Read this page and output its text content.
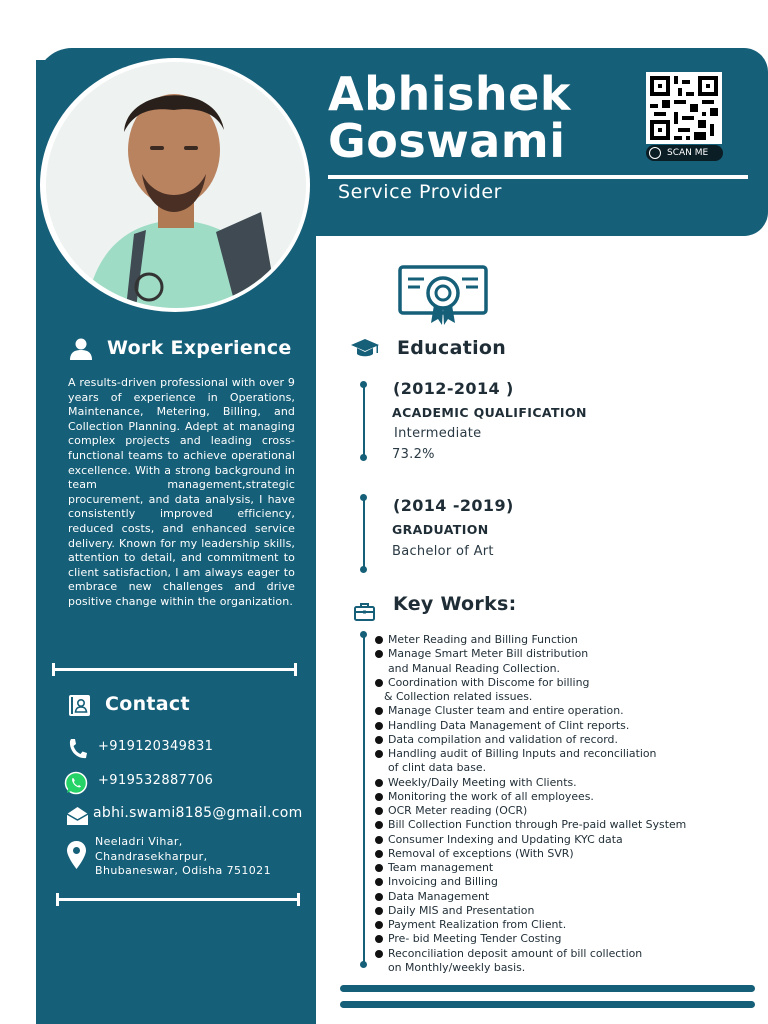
Abhishek
Goswami
Service Provider
SCAN ME
Work Experience
A results-driven professional with over 9 years of experience in Operations, Maintenance, Metering, Billing, and Collection Planning. Adept at managing complex projects and leading cross-functional teams to achieve operational excellence. With a strong background in team management,strategic procurement, and data analysis, I have consistently improved efficiency, reduced costs, and enhanced service delivery. Known for my leadership skills, attention to detail, and commitment to client satisfaction, I am always eager to embrace new challenges and drive positive change within the organization.
Contact
+919120349831
+919532887706
abhi.swami8185@gmail.com
Neeladri Vihar,
Chandrasekharpur,
Bhubaneswar, Odisha 751021
Education
(2012-2014 )
ACADEMIC QUALIFICATION
Intermediate
73.2%
(2014 -2019)
GRADUATION
Bachelor of Art
Key Works:
Meter Reading and Billing Function
Manage Smart Meter Bill distribution
and Manual Reading Collection.
Coordination with Discome for billing
& Collection related issues.
Manage Cluster team and entire operation.
Handling Data Management of Clint reports.
Data compilation and validation of record.
Handling audit of Billing Inputs and reconciliation
of clint data base.
Weekly/Daily Meeting with Clients.
Monitoring the work of all employees.
OCR Meter reading (OCR)
Bill Collection Function through Pre-paid wallet System
Consumer Indexing and Updating KYC data
Removal of exceptions (With SVR)
Team management
Invoicing and Billing
Data Management
Daily MIS and Presentation
Payment Realization from Client.
Pre- bid Meeting Tender Costing
Reconciliation deposit amount of bill collection
on Monthly/weekly basis.
